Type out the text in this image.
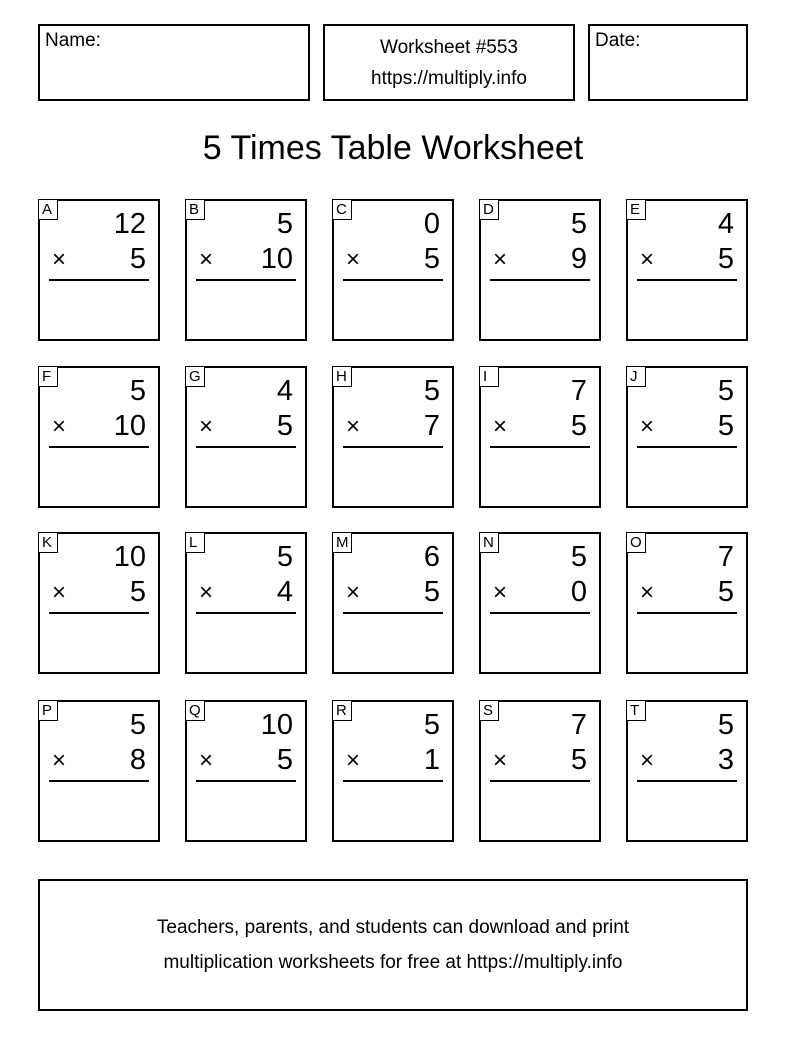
Name:	Worksheet #553
https://multiply.info
Date:
5 Times Table Worksheet
A 12
× 5
B	5
× 10
C	0
× 5
D	5
× 9
E	4
× 5
F	5
× 10
G	4
× 5
H	5
× 7
I	7
× 5
J	5
× 5
K 10
× 5
L	5
× 4
M	6
× 5
N	5
× 0
O	7
× 5
P	5
× 8
Q 10
× 5
R	5
× 1
S	7
× 5
T	5
× 3
Teachers, parents, and students can download and print
multiplication worksheets for free at https://multiply.info
